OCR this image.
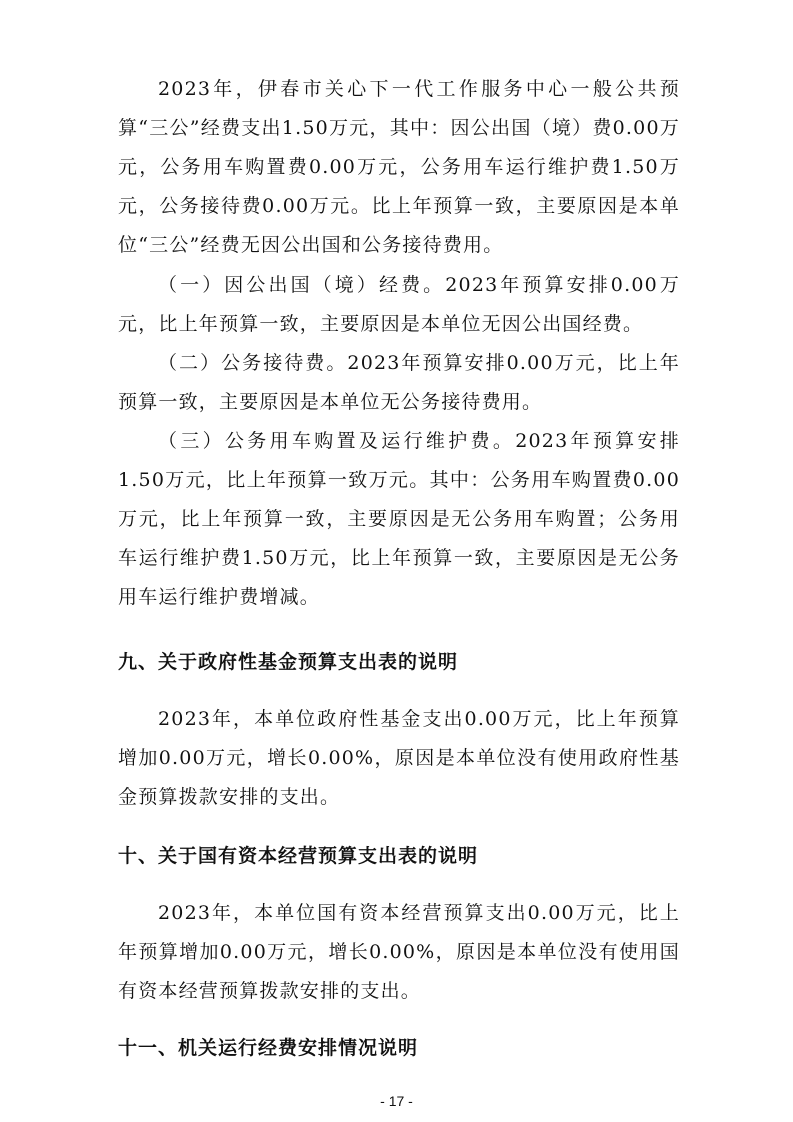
2023年，伊春市关心下一代工作服务中心一般公共预算“三公”经费支出1.50万元，其中：因公出国（境）费0.00万元，公务用车购置费0.00万元，公务用车运行维护费1.50万元，公务接待费0.00万元。比上年预算一致，主要原因是本单位“三公”经费无因公出国和公务接待费用。

（一）因公出国（境）经费。2023年预算安排0.00万元，比上年预算一致，主要原因是本单位无因公出国经费。

（二）公务接待费。2023年预算安排0.00万元，比上年预算一致，主要原因是本单位无公务接待费用。

（三）公务用车购置及运行维护费。2023年预算安排1.50万元，比上年预算一致万元。其中：公务用车购置费0.00万元，比上年预算一致，主要原因是无公务用车购置；公务用车运行维护费1.50万元，比上年预算一致，主要原因是无公务用车运行维护费增减。

九、关于政府性基金预算支出表的说明

2023年，本单位政府性基金支出0.00万元，比上年预算增加0.00万元，增长0.00%，原因是本单位没有使用政府性基金预算拨款安排的支出。

十、关于国有资本经营预算支出表的说明

2023年，本单位国有资本经营预算支出0.00万元，比上年预算增加0.00万元，增长0.00%，原因是本单位没有使用国有资本经营预算拨款安排的支出。

十一、机关运行经费安排情况说明
- 17 -
